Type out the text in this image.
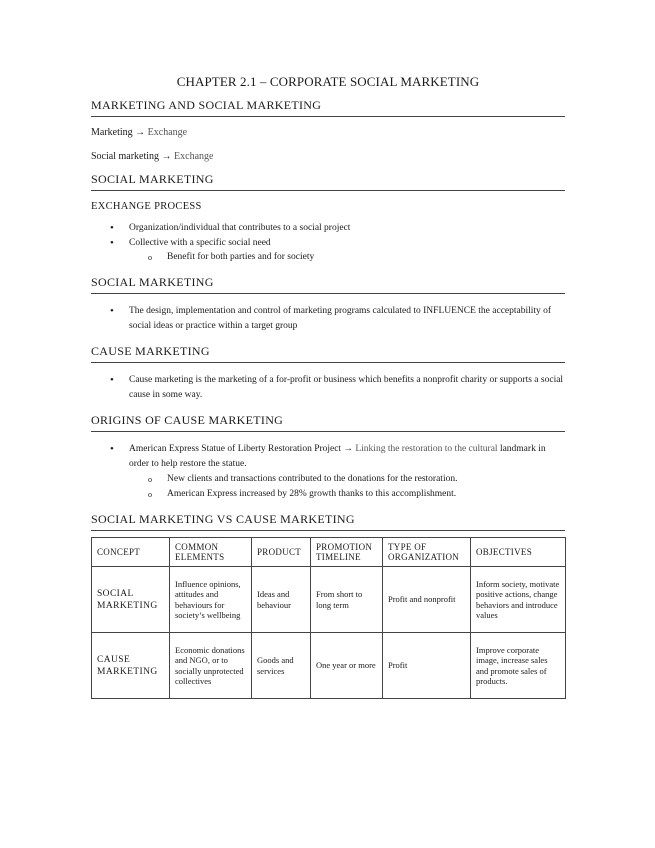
CHAPTER 2.1 – CORPORATE SOCIAL MARKETING
MARKETING AND SOCIAL MARKETING
Marketing → Exchange
Social marketing → Exchange
SOCIAL MARKETING
EXCHANGE PROCESS
• Organization/individual that contributes to a social project
• Collective with a specific social need
o Benefit for both parties and for society
SOCIAL MARKETING
• The design, implementation and control of marketing programs calculated to INFLUENCE the acceptability of social ideas or practice within a target group
CAUSE MARKETING
• Cause marketing is the marketing of a for-profit or business which benefits a nonprofit charity or supports a social cause in some way.
ORIGINS OF CAUSE MARKETING
• American Express Statue of Liberty Restoration Project → Linking the restoration to the cultural landmark in order to help restore the statue.
o New clients and transactions contributed to the donations for the restoration.
o American Express increased by 28% growth thanks to this accomplishment.
SOCIAL MARKETING VS CAUSE MARKETING
CONCEPT	COMMON ELEMENTS	PRODUCT	PROMOTION TIMELINE	TYPE OF ORGANIZATION	OBJECTIVES
SOCIAL MARKETING	Influence opinions, attitudes and behaviours for society’s wellbeing	Ideas and behaviour	From short to long term	Profit and nonprofit	Inform society, motivate positive actions, change behaviors and introduce values
CAUSE MARKETING	Economic donations and NGO, or to socially unprotected collectives	Goods and services	One year or more	Profit	Improve corporate image, increase sales and promote sales of products.
